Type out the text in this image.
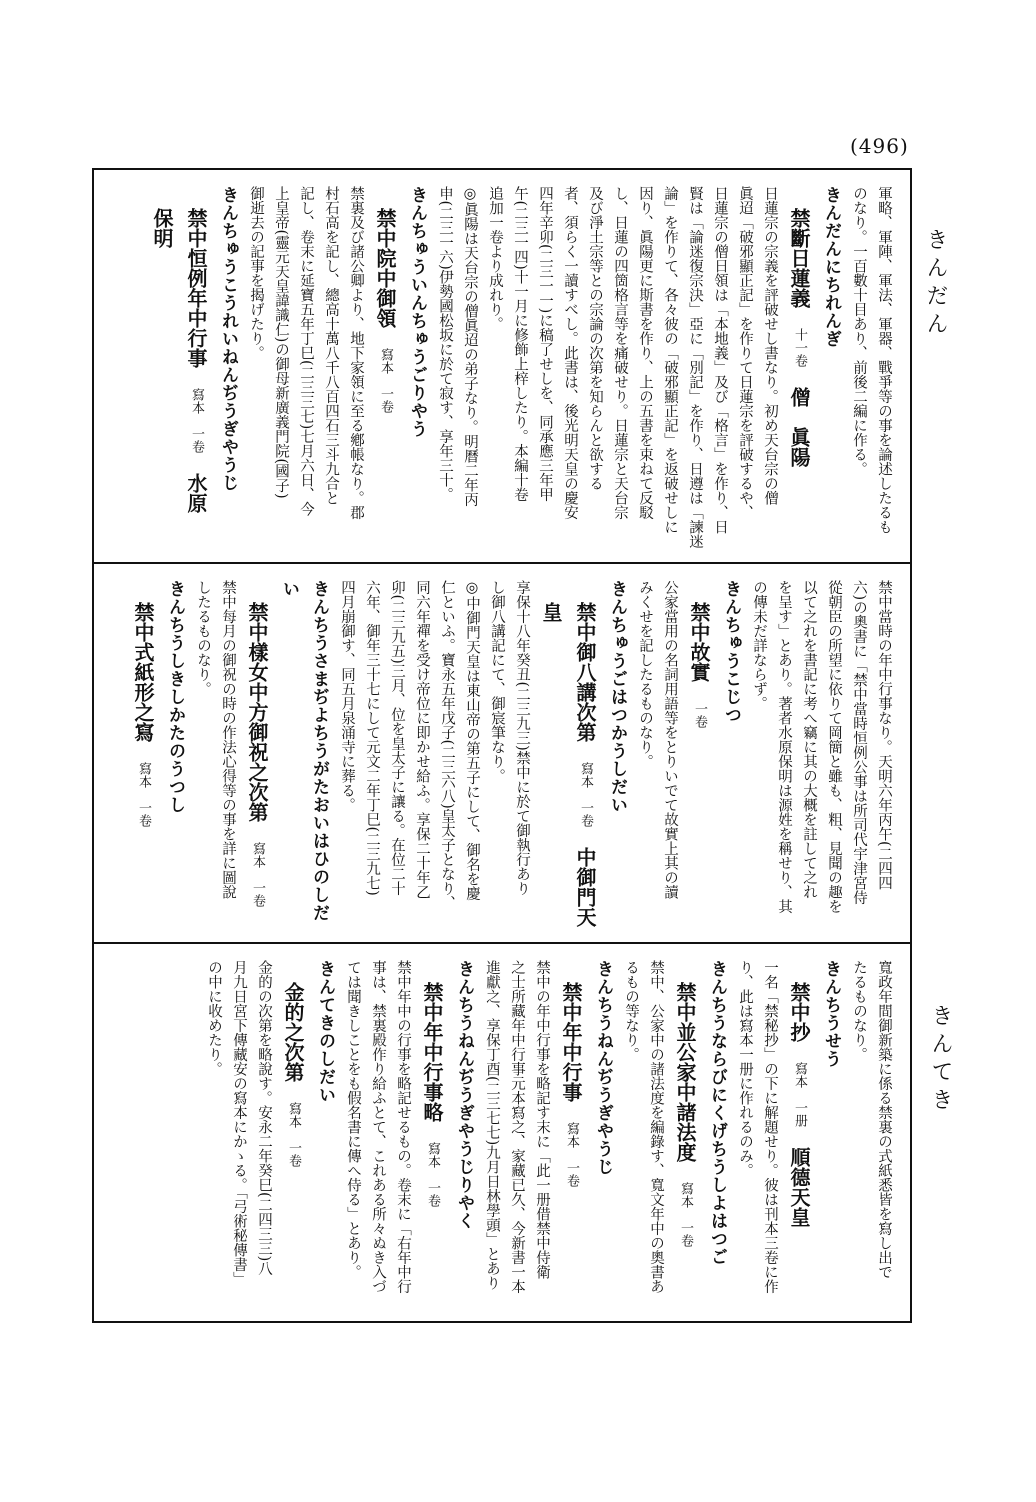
(496)
きんだん
きんてき
軍略、軍陣、軍法、軍器、戰爭等の事を論述したるも
のなり。一百數十目あり、前後二編に作る。
きんだんにちれんぎ
禁斷日蓮義　十一卷　僧　眞陽
日蓮宗の宗義を評破せし書なり。初め天台宗の僧
眞迢「破邪顯正記」を作りて日蓮宗を評破するや、
日蓮宗の僧日領は「本地義」及び「格言」を作り、日
賢は「論迷復宗決」亞に「別記」を作り、日遵は「諫迷
論」を作りて、各々彼の「破邪顯正記」を返破せしに
因り、眞陽更に斯書を作り、上の五書を束ねて反駁
し、日蓮の四箇格言等を痛破せり。日蓮宗と天台宗
及び淨土宗等との宗論の次第を知らんと欲する
者、須らく一讀すべし。此書は、後光明天皇の慶安
四年辛卯(二三一一)に稿了せしを、同承應三年甲
午(二三一四)十一月に修飾上梓したり。本編十卷
追加一卷より成れり。
◎眞陽は天台宗の僧眞迢の弟子なり。明曆二年丙
申(二三一六)伊勢國松坂に於て寂す、享年三十。
きんちゅういんちゅうごりやう
禁中院中御領　寫本　一卷
禁裏及び諸公卿より、地下家領に至る鄕帳なり。郡
村石高を記し、總高十萬八千八百四石三斗九合と
記し、卷末に延寶五年丁巳(二三三七)七月六日、今
上皇帝(靈元天皇諱識仁)の御母新廣義門院(國子)
御逝去の記事を揭げたり。
きんちゅうこうれいねんぢうぎやうじ
禁中恒例年中行事　寫本　一卷　水原　保明
禁中當時の年中行事なり。天明六年丙午(二四四
六)の奧書に「禁中當時恒例公事は所司代宇津宮侍
從朝臣の所望に依りて岡簡と雖も、粗、見聞の趣を
以て之れを書記に考へ竊に其の大概を註して之れ
を呈す」とあり。著者水原保明は源姓を稱せり、其
の傳未だ詳ならず。
きんちゅうこじつ
禁中故實　一卷
公家當用の名詞用語等をとりいでて故實上其の讀
みくせを記したるものなり。
きんちゅうごはつかうしだい
禁中御八講次第　寫本　一卷　中御門天皇
享保十八年癸丑(二三九三)禁中に於て御執行あり
し御八講記にて、御宸筆なり。
◎中御門天皇は東山帝の第五子にして、御名を慶
仁といふ。寶永五年戊子(二三六八)皇太子となり、
同六年禪を受け帝位に即かせ給ふ。享保二十年乙
卯(二三九五)三月、位を皇太子に讓る。在位二十
六年、御年三十七にして元文二年丁巳(二三九七)
四月崩御す、同五月泉涌寺に葬る。
きんちうさまぢよちうがたおいはひのしだい
禁中樣女中方御祝之次第　寫本　一卷
禁中每月の御祝の時の作法心得等の事を詳に圖說
したるものなり。
きんちうしきしかたのうつし
禁中式紙形之寫　寫本　一卷
寬政年間御新築に係る禁裏の式紙悉皆を寫し出で
たるものなり。
きんちうせう
禁中抄　寫本　一册　順德天皇
一名「禁秘抄」の下に解題せり。彼は刊本三卷に作
り、此は寫本一册に作れるのみ。
きんちうならびにくげちうしよはつご
禁中並公家中諸法度　寫本　一卷
禁中、公家中の諸法度を編錄す、寬文年中の奧書あ
るもの等なり。
きんちうねんぢうぎやうじ
禁中年中行事　寫本　一卷
禁中の年中行事を略記す末に「此一册借禁中侍衛
之士所藏年中行事元本寫之、家藏已久、今新書一本
進獻之、享保丁酉(二三七七)九月日林學頭」とあり
きんちうねんぢうぎやうじりやく
禁中年中行事略　寫本　一卷
禁中年中の行事を略記せるもの。卷末に「右年中行
事は、禁裏殿作り給ふとて、これある所々ぬき入づ
ては聞きしことをも假名書に傳へ侍る」とあり。
きんてきのしだい
金的之次第　寫本　一卷
金的の次第を略說す。安永二年癸巳(二四三三)八
月九日宮下傳藏安の寫本にかゝる。「弓術秘傳書」
の中に收めたり。
